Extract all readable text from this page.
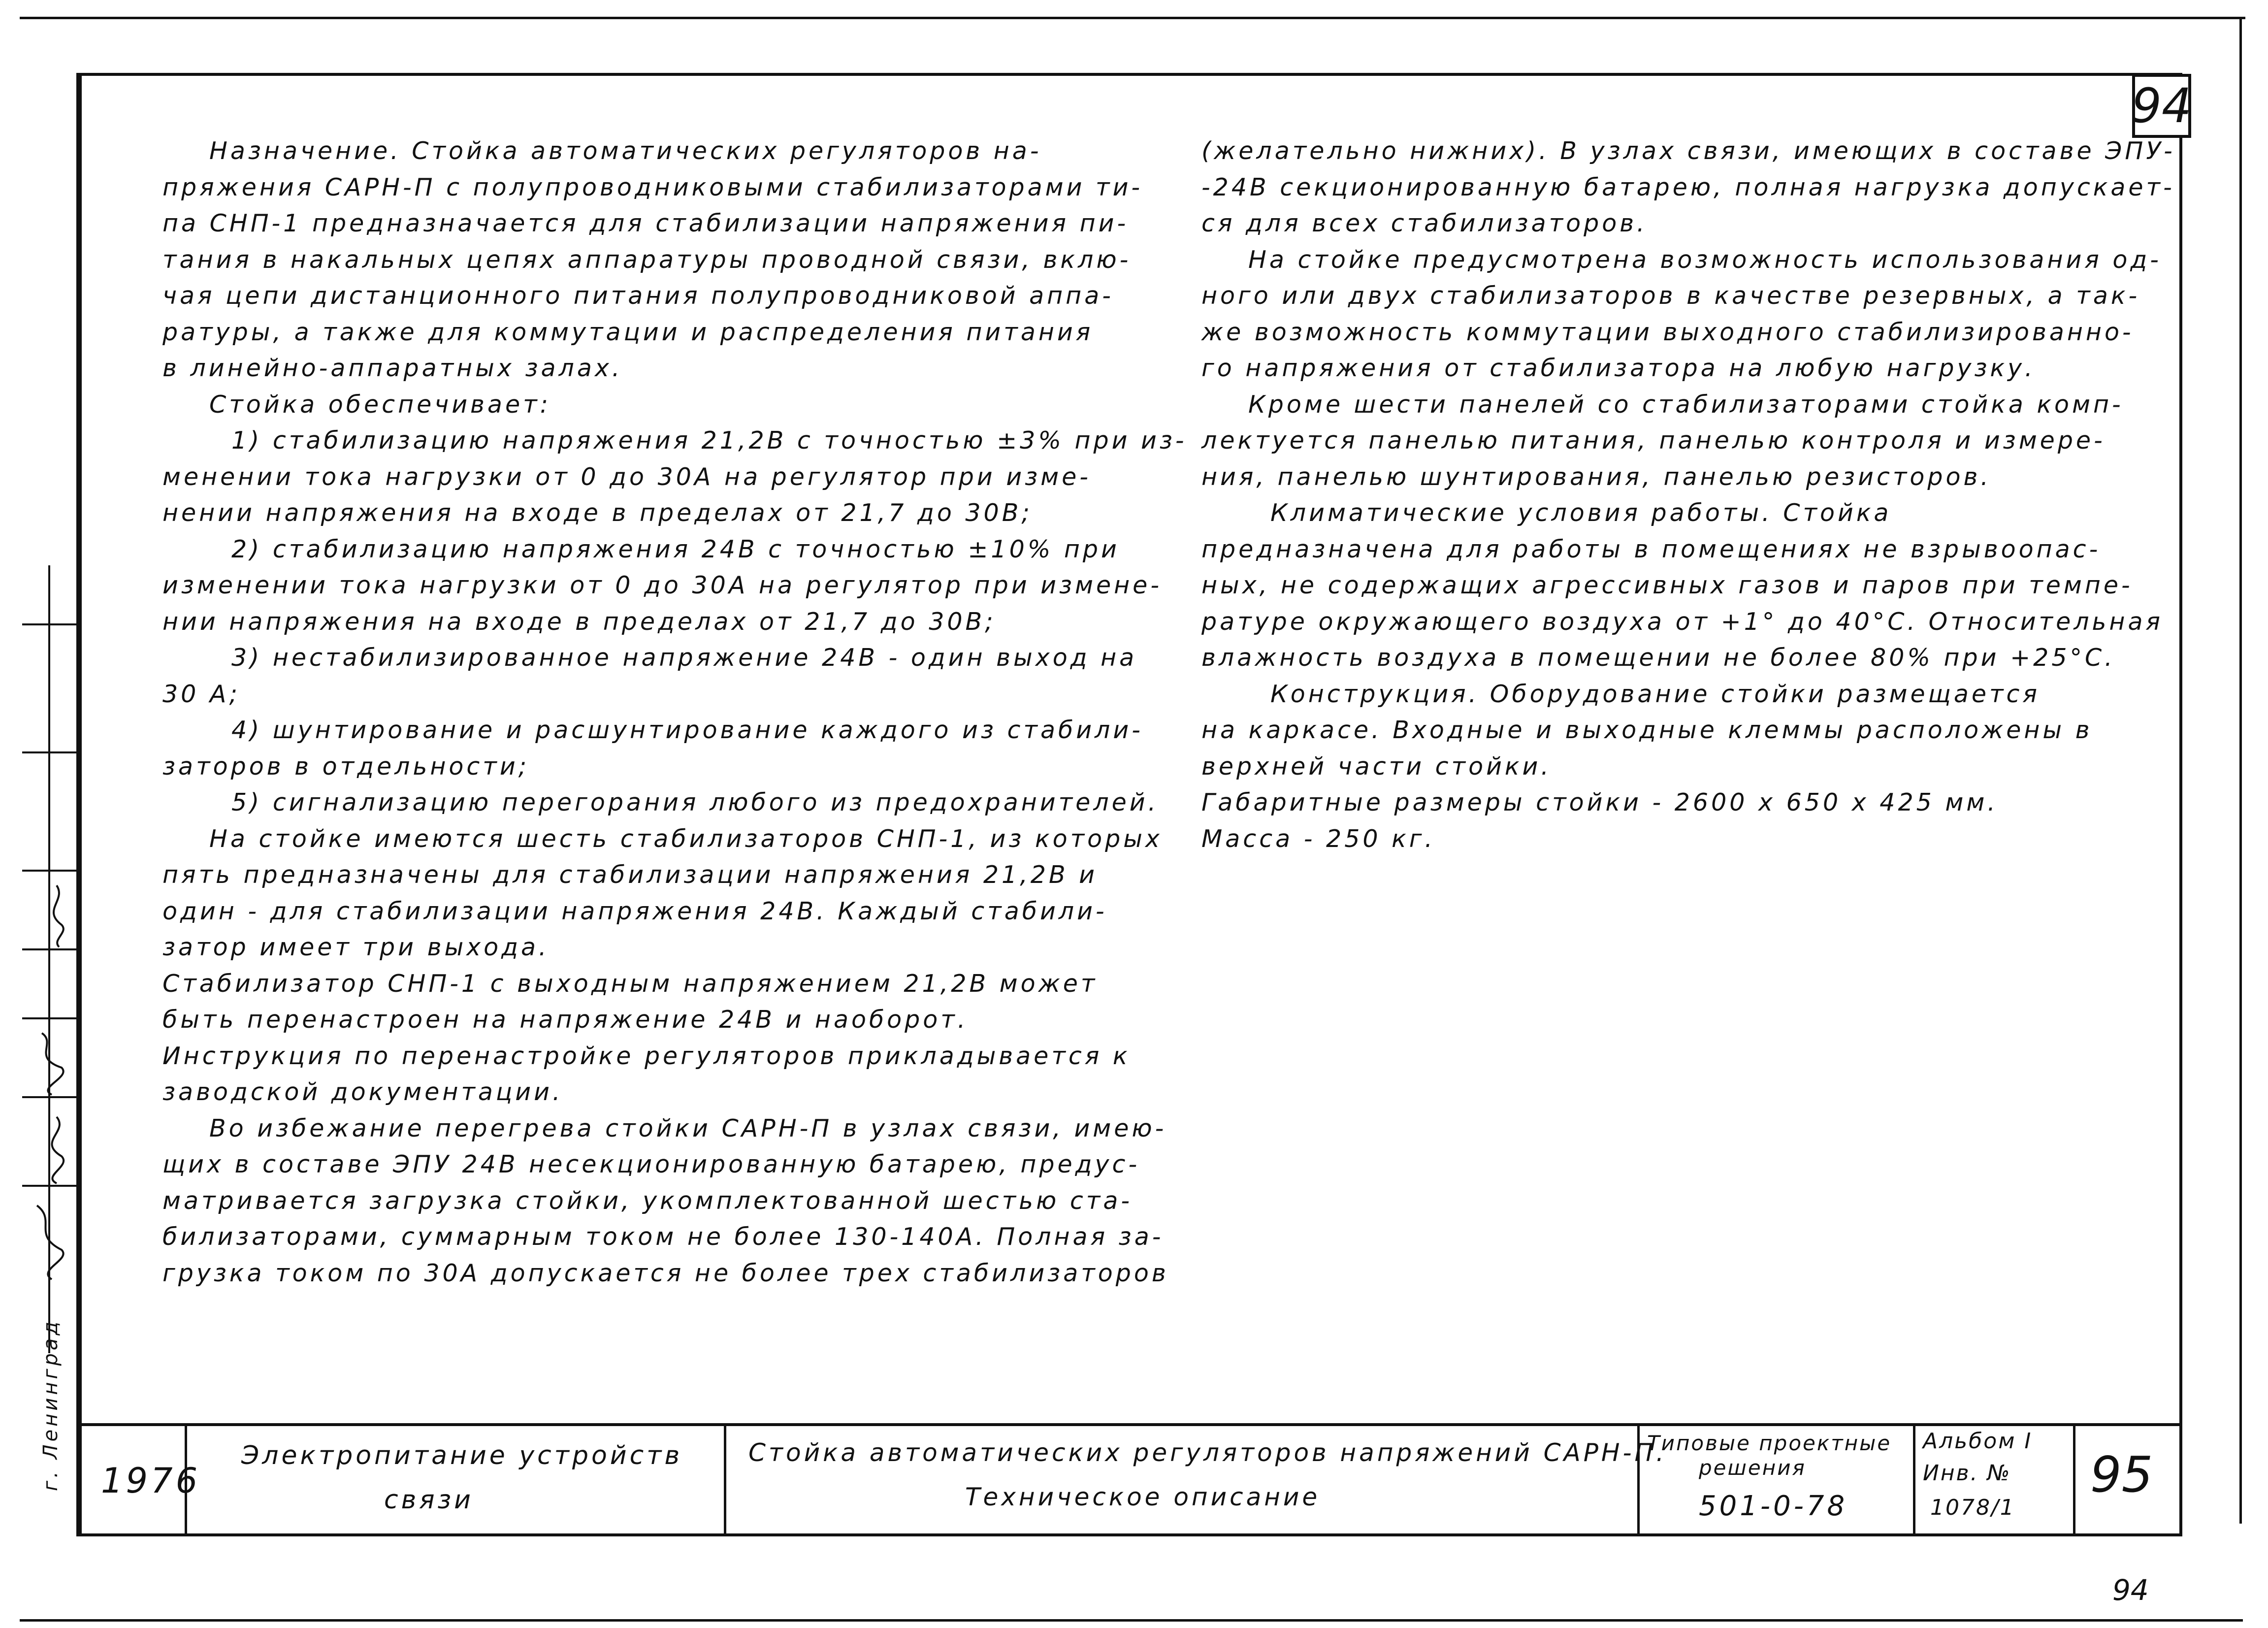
г. Ленинград
94

Назначение. Стойка автоматических регуляторов на-

пряжения САРН-П с полупроводниковыми стабилизаторами ти-

па СНП-1 предназначается для стабилизации напряжения пи-

тания в накальных цепях аппаратуры проводной связи, вклю-

чая цепи дистанционного питания полупроводниковой аппа-

ратуры, а также для коммутации и распределения питания

в линейно-аппаратных залах.

Стойка обеспечивает:

1) стабилизацию напряжения 21,2В с точностью ±3% при из-

менении тока нагрузки от 0 до 30А на регулятор при изме-

нении напряжения на входе в пределах от 21,7 до 30В;

2) стабилизацию напряжения 24В с точностью ±10% при

изменении тока нагрузки от 0 до 30А на регулятор при измене-

нии напряжения на входе в пределах от 21,7 до 30В;

3) нестабилизированное напряжение 24В - один выход на

30 А;

4) шунтирование и расшунтирование каждого из стабили-

заторов в отдельности;

5) сигнализацию перегорания любого из предохранителей.

На стойке имеются шесть стабилизаторов СНП-1, из которых

пять предназначены для стабилизации напряжения 21,2В и

один - для стабилизации напряжения 24В. Каждый стабили-

затор имеет три выхода.

Стабилизатор СНП-1 с выходным напряжением 21,2В может

быть перенастроен на напряжение 24В и наоборот.

Инструкция по перенастройке регуляторов прикладывается к

заводской документации.

Во избежание перегрева стойки САРН-П в узлах связи, имею-

щих в составе ЭПУ 24В несекционированную батарею, предус-

матривается загрузка стойки, укомплектованной шестью ста-

билизаторами, суммарным током не более 130-140А. Полная за-

грузка током по 30А допускается не более трех стабилизаторов

(желательно нижних). В узлах связи, имеющих в составе ЭПУ-

-24В секционированную батарею, полная нагрузка допускает-

ся для всех стабилизаторов.

На стойке предусмотрена возможность использования од-

ного или двух стабилизаторов в качестве резервных, а так-

же возможность коммутации выходного стабилизированно-

го напряжения от стабилизатора на любую нагрузку.

Кроме шести панелей со стабилизаторами стойка комп-

лектуется панелью питания, панелью контроля и измере-

ния, панелью шунтирования, панелью резисторов.

Климатические условия работы. Стойка

предназначена для работы в помещениях не взрывоопас-

ных, не содержащих агрессивных газов и паров при темпе-

ратуре окружающего воздуха от +1° до 40°С. Относительная

влажность воздуха в помещении не более 80% при +25°С.

Конструкция. Оборудование стойки размещается

на каркасе. Входные и выходные клеммы расположены в

верхней части стойки.

Габаритные размеры стойки - 2600 х 650 х 425 мм.

Масса - 250 кг.

1976
Электропитание устройств
связи
Стойка автоматических регуляторов напряжений САРН-П.
Техническое описание
Типовые проектные
решения
501-0-78
Альбом I
Инв. №
1078/1
95
94
